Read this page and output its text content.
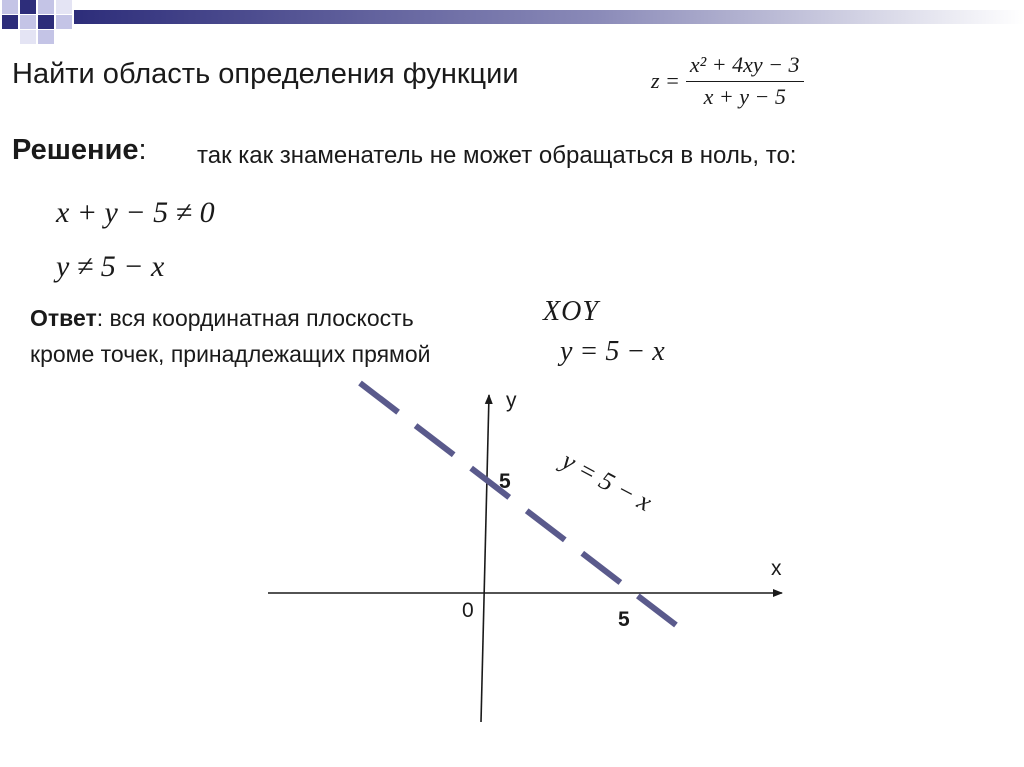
Найти область определения функции	$z = \frac{\text{x² + 4xy − 3}}{x + y - 5}$
Решение: так как знаменатель не может обращаться в ноль, то:
x + y − 5 ≠ 0
y ≠ 5 − x
Ответ: вся координатная плоскость
кроме точек, принадлежащих прямой
XOY
y = 5 − x
у
х
0
5
5
y = 5 − x
